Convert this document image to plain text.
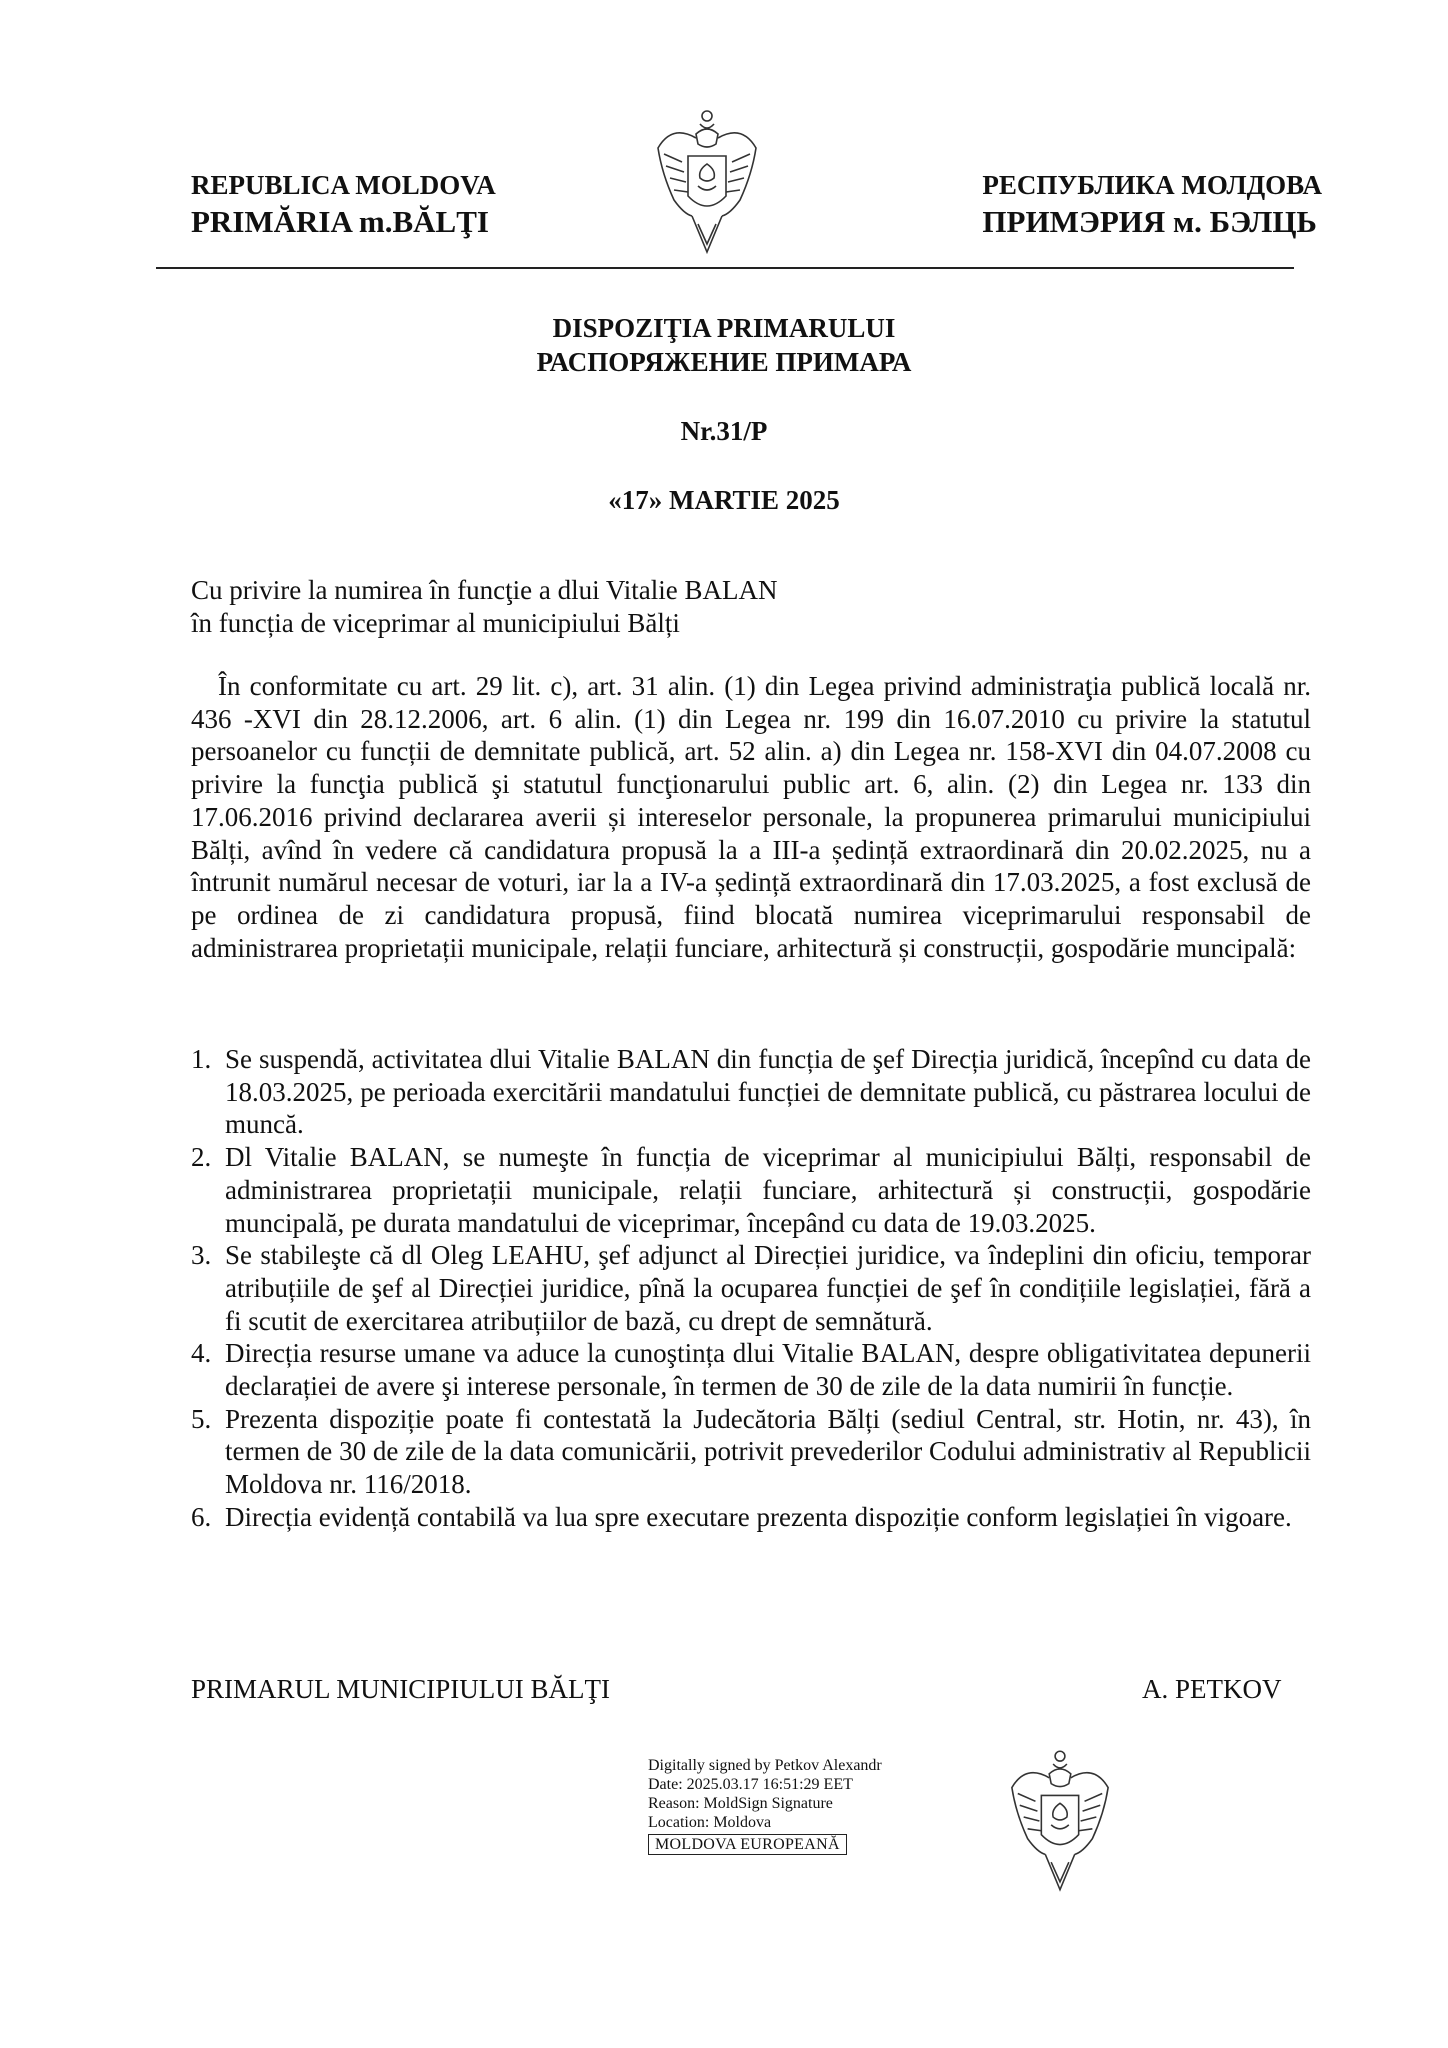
REPUBLICA MOLDOVA
PRIMĂRIA m.BĂLŢI
РЕСПУБЛИКА МОЛДОВА
ПРИМЭРИЯ м. БЭЛЦЬ
DISPOZIŢIA PRIMARULUI
РАСПОРЯЖЕНИЕ ПРИМАРА
Nr.31/P
«17» MARTIE 2025
Cu privire la numirea în funcţie a dlui Vitalie BALAN
în funcția de viceprimar al municipiului Bălți
În conformitate cu art. 29 lit. c), art. 31 alin. (1) din Legea privind administraţia publică locală nr. 436 -XVI din 28.12.2006, art. 6 alin. (1) din Legea nr. 199 din 16.07.2010 cu privire la statutul persoanelor cu funcții de demnitate publică, art. 52 alin. a) din Legea nr. 158-XVI din 04.07.2008 cu privire la funcţia publică şi statutul funcţionarului public art. 6, alin. (2) din Legea nr. 133 din 17.06.2016 privind declararea averii și intereselor personale, la propunerea primarului municipiului Bălți, avînd în vedere că candidatura propusă la a III-a ședință extraordinară din 20.02.2025, nu a întrunit numărul necesar de voturi, iar la a IV-a ședință extraordinară din 17.03.2025, a fost exclusă de pe ordinea de zi candidatura propusă, fiind blocată numirea viceprimarului responsabil de administrarea proprietații municipale, relații funciare, arhitectură și construcții, gospodărie muncipală:
1. Se suspendă, activitatea dlui Vitalie BALAN din funcția de şef Direcția juridică, începînd cu data de 18.03.2025, pe perioada exercitării mandatului funcției de demnitate publică, cu păstrarea locului de muncă.
2. Dl Vitalie BALAN, se numeşte în funcția de viceprimar al municipiului Bălți, responsabil de administrarea proprietații municipale, relații funciare, arhitectură și construcții, gospodărie muncipală, pe durata mandatului de viceprimar, începând cu data de 19.03.2025.
3. Se stabileşte că dl Oleg LEAHU, şef adjunct al Direcției juridice, va îndeplini din oficiu, temporar atribuțiile de şef al Direcției juridice, pînă la ocuparea funcției de şef în condițiile legislației, fără a fi scutit de exercitarea atribuțiilor de bază, cu drept de semnătură.
4. Direcția resurse umane va aduce la cunoştința dlui Vitalie BALAN, despre obligativitatea depunerii declarației de avere şi interese personale, în termen de 30 de zile de la data numirii în funcție.
5. Prezenta dispoziție poate fi contestată la Judecătoria Bălți (sediul Central, str. Hotin, nr. 43), în termen de 30 de zile de la data comunicării, potrivit prevederilor Codului administrativ al Republicii Moldova nr. 116/2018.
6. Direcția evidență contabilă va lua spre executare prezenta dispoziție conform legislației în vigoare.
PRIMARUL MUNICIPIULUI BĂLŢI	A. PETKOV
Digitally signed by Petkov Alexandr
Date: 2025.03.17 16:51:29 EET
Reason: MoldSign Signature
Location: Moldova
MOLDOVA EUROPEANĂ
